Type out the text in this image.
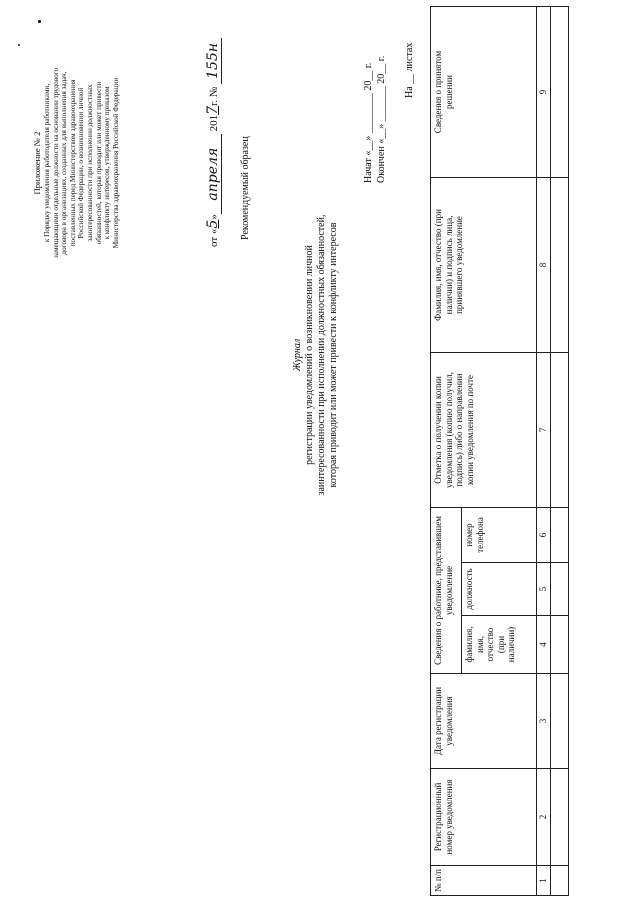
Приложение № 2 к Порядку уведомления работодателя работниками, замещающими отдельные должности на основании трудового договора в организациях, созданных для выполнения задач, поставленных перед Министерством здравоохранения Российской Федерации, о возникновении личной заинтересованности при исполнении должностных обязанностей, которая приводит или может привести к конфликту интересов, утвержденному приказом Министерства здравоохранения Российской Федерации	от «5»апреля 2017г. № 155н
Рекомендуемый образец
Журнал регистрации уведомлений о возникновении личной заинтересованности при исполнении должностных обязанностей, которая приводит или может привести к конфликту интересов
Начат «__» ________ 20__ г. Окончен «__» _______ 20__ г. На __ листах
№ п/п	Регистрационный номер уведомления	Дата регистрации уведомления	Сведения о работнике, представившем уведомление			Отметка о получении копии уведомления (копию получил, подпись) либо о направлении копии уведомления по почте	Фамилия, имя, отчество (при наличии) и подпись лица, принявшего уведомление	Сведения о принятом решении
			фамилия, имя, отчество (при наличии)	должность	номер телефона			
1	2	3	4	5	6	7	8	9
